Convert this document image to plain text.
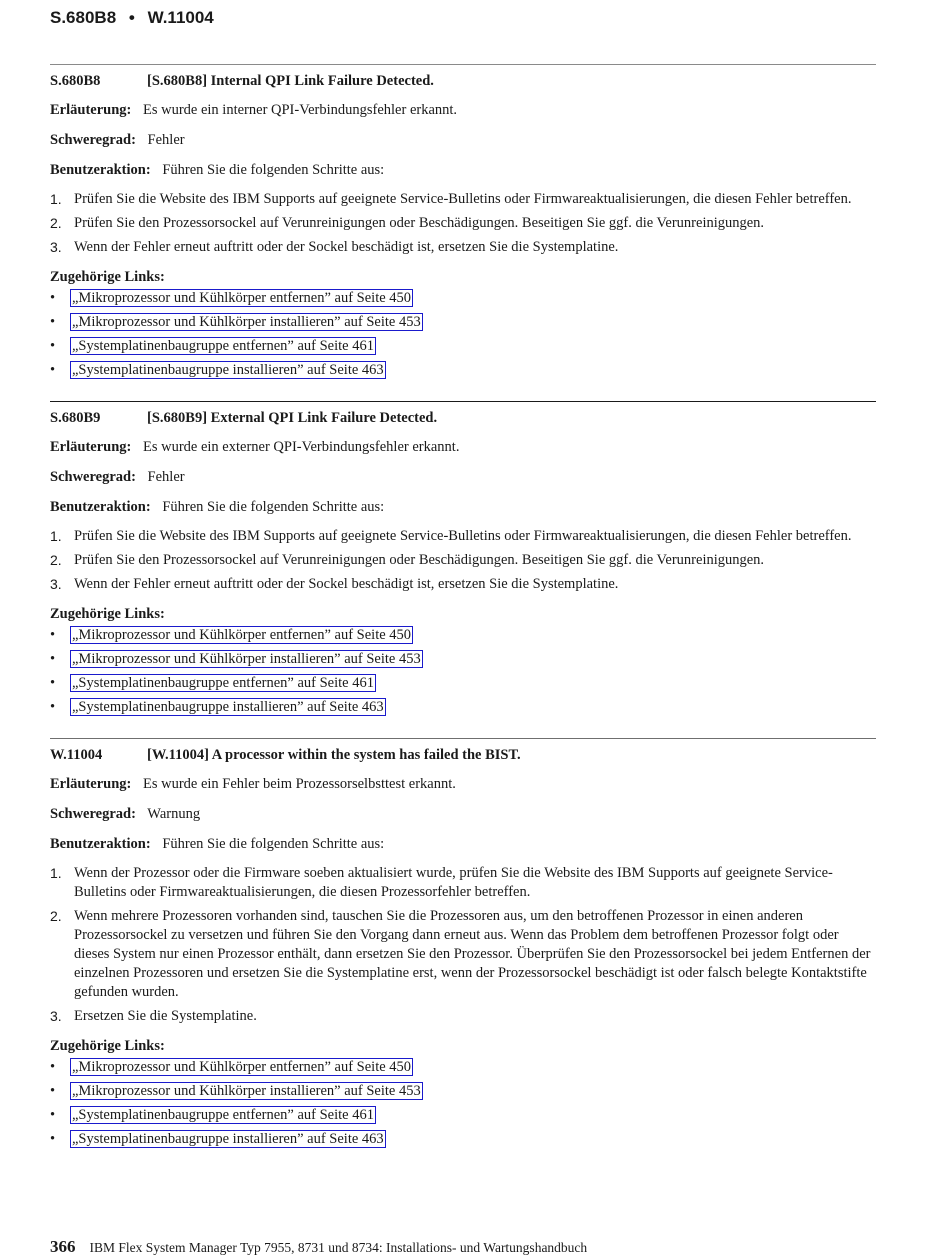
S.680B8 • W.11004
S.680B8	[S.680B8] Internal QPI Link Failure Detected.
Erläuterung: Es wurde ein interner QPI-Verbindungsfehler erkannt.
Schweregrad: Fehler
Benutzeraktion: Führen Sie die folgenden Schritte aus:
1. Prüfen Sie die Website des IBM Supports auf geeignete Service-Bulletins oder Firmwareaktualisierungen, die diesen Fehler betreffen.
2. Prüfen Sie den Prozessorsockel auf Verunreinigungen oder Beschädigungen. Beseitigen Sie ggf. die Verunreinigungen.
3. Wenn der Fehler erneut auftritt oder der Sockel beschädigt ist, ersetzen Sie die Systemplatine.
Zugehörige Links:
• „Mikroprozessor und Kühlkörper entfernen” auf Seite 450
• „Mikroprozessor und Kühlkörper installieren” auf Seite 453
• „Systemplatinenbaugruppe entfernen” auf Seite 461
• „Systemplatinenbaugruppe installieren” auf Seite 463
S.680B9	[S.680B9] External QPI Link Failure Detected.
Erläuterung: Es wurde ein externer QPI-Verbindungsfehler erkannt.
Schweregrad: Fehler
Benutzeraktion: Führen Sie die folgenden Schritte aus:
1. Prüfen Sie die Website des IBM Supports auf geeignete Service-Bulletins oder Firmwareaktualisierungen, die diesen Fehler betreffen.
2. Prüfen Sie den Prozessorsockel auf Verunreinigungen oder Beschädigungen. Beseitigen Sie ggf. die Verunreinigungen.
3. Wenn der Fehler erneut auftritt oder der Sockel beschädigt ist, ersetzen Sie die Systemplatine.
Zugehörige Links:
• „Mikroprozessor und Kühlkörper entfernen” auf Seite 450
• „Mikroprozessor und Kühlkörper installieren” auf Seite 453
• „Systemplatinenbaugruppe entfernen” auf Seite 461
• „Systemplatinenbaugruppe installieren” auf Seite 463
W.11004	[W.11004] A processor within the system has failed the BIST.
Erläuterung: Es wurde ein Fehler beim Prozessorselbsttest erkannt.
Schweregrad: Warnung
Benutzeraktion: Führen Sie die folgenden Schritte aus:
1. Wenn der Prozessor oder die Firmware soeben aktualisiert wurde, prüfen Sie die Website des IBM Supports auf geeignete Service-Bulletins oder Firmwareaktualisierungen, die diesen Prozessorfehler betreffen.
2. Wenn mehrere Prozessoren vorhanden sind, tauschen Sie die Prozessoren aus, um den betroffenen Prozessor in einen anderen Prozessorsockel zu versetzen und führen Sie den Vorgang dann erneut aus. Wenn das Problem dem betroffenen Prozessor folgt oder dieses System nur einen Prozessor enthält, dann ersetzen Sie den Prozessor. Überprüfen Sie den Prozessorsockel bei jedem Entfernen der einzelnen Prozessoren und ersetzen Sie die Systemplatine erst, wenn der Prozessorsockel beschädigt ist oder falsch belegte Kontaktstifte gefunden wurden.
3. Ersetzen Sie die Systemplatine.
Zugehörige Links:
• „Mikroprozessor und Kühlkörper entfernen” auf Seite 450
• „Mikroprozessor und Kühlkörper installieren” auf Seite 453
• „Systemplatinenbaugruppe entfernen” auf Seite 461
• „Systemplatinenbaugruppe installieren” auf Seite 463
366 IBM Flex System Manager Typ 7955, 8731 und 8734: Installations- und Wartungshandbuch
